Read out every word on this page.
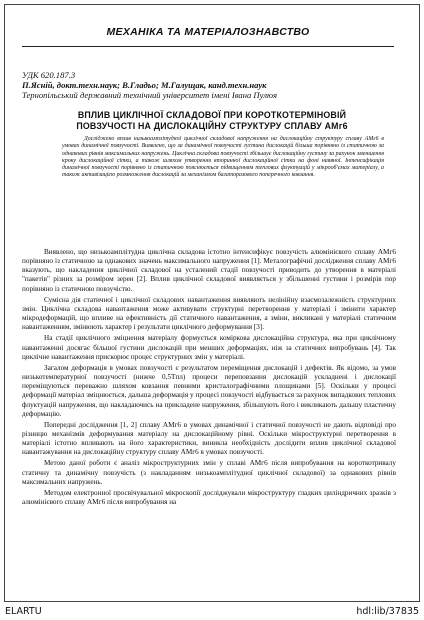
МЕХАНІКА ТА МАТЕРІАЛОЗНАВСТВО
УДК 620.187.3
П.Ясній, докт.техн.наук; В.Гладьо; М.Галущак, канд.техн.наук
Тернопільський державний технічний університет імені Івана Пулюя
ВПЛИВ ЦИКЛІЧНОЇ СКЛАДОВОЇ ПРИ КОРОТКОТЕРМІНОВІЙ
ПОВЗУЧОСТІ НА ДИСЛОКАЦІЙНУ СТРУКТУРУ СПЛАВУ АМг6
Досліджено вплив низькоамплітудної циклічної складової напруження на дислокаційну структуру сплаву АМг6 в умовах динамічної повзучості. Виявлено, що за динамічної повзучості густина дислокацій більша порівняно із статичною за однакових рівнів максимальних напружень. Циклічна складова повзучості збільшує дислокаційну густину за рахунок зменшення кроку дислокаційної сітки, а також шляхом утворення вторинної дислокаційної сітки на фоні наявної. Інтенсифікація динамічної повзучості порівняно із статичною пояснюється підвищенням теплових флуктуацій у мікрооб'ємах матеріалу, а також активізацією розмноження дислокацій за механізмом багаторазового поперечного ковзання.

Виявлено, що низькоамплітудна циклічна складова істотно інтенсифікує повзучість алюмінієвого сплаву АМг6 порівняно із статичною за однакових значень максимального напруження [1]. Металографічні дослідження сплаву АМг6 вказують, що накладення циклічної складової на усталений стадії повзучості приводить до утворення в матеріалі "пакетів" різних за розміром зерен [2]. Вплив циклічної складової виявляється у збільшенні густини і розмірів пор порівняно із статичною повзучістю.

Суміснa дія статичної і циклічної складових навантаження виявляють нелінійну взаємозалежність структурних змін. Циклічна складова навантаження може активувати структурні перетворення у матеріалі і змінити характер мікродеформацій, що впливе на ефективність дії статичного навантаження, а зміни, викликані у матеріалі статичним навантаженням, змінюють характер і результати циклічного деформування [3].

На стадії циклічного зміцнення матеріалу формується коміркова дислокаційна структура, яка при циклічному навантаженні досягає більшої густини дислокацій при менших деформаціях, ніж за статичних випробувань [4]. Так циклічне навантаження прискорює процес структурних змін у матеріалі.

Загалом деформація в умовах повзучості є результатом переміщення дислокацій і дефектів. Як відомо, за умов низькотемпературної повзучості (нижче 0,5Tпл) процеси переповзання дислокацій ускладнені і дислокації переміщуються переважно шляхом ковзання певними кристалографічними площинами [5]. Оскільки у процесі деформації матеріал зміцнюється, дальша деформація у процесі повзучості відбувається за рахунок випадкових теплових флуктуацій напруження, що накладаючись на прикладене напруження, збільшують його і викликають дальшу пластичну деформацію.

Попередні дослідження [1, 2] сплаву АМг6 в умовах динамічної і статичної повзучості не дають відповіді про різницю механізмів деформування матеріалу на дислокаційному рівні. Оскільки мікроструктурні перетворення в матеріалі істотно впливають на його характеристики, виникла необхідність дослідити вплив циклічної складової навантажування на дислокаційну структуру сплаву АМг6 в умовах повзучості.

Метою даної роботи є аналіз мікроструктурних змін у сплаві АМг6 після випробування на короткотривалу статичну та динамічну повзучість (з накладанням низькоамплітудної циклічної складової) за однакових рівнів максимальних напружень.

Методом електронної просвічувальної мікроскопії досліджували мікроструктуру гладких циліндричних зразків з алюмінієвого сплаву АМг6 після випробування на

ELARTU	hdl:lib/37835
